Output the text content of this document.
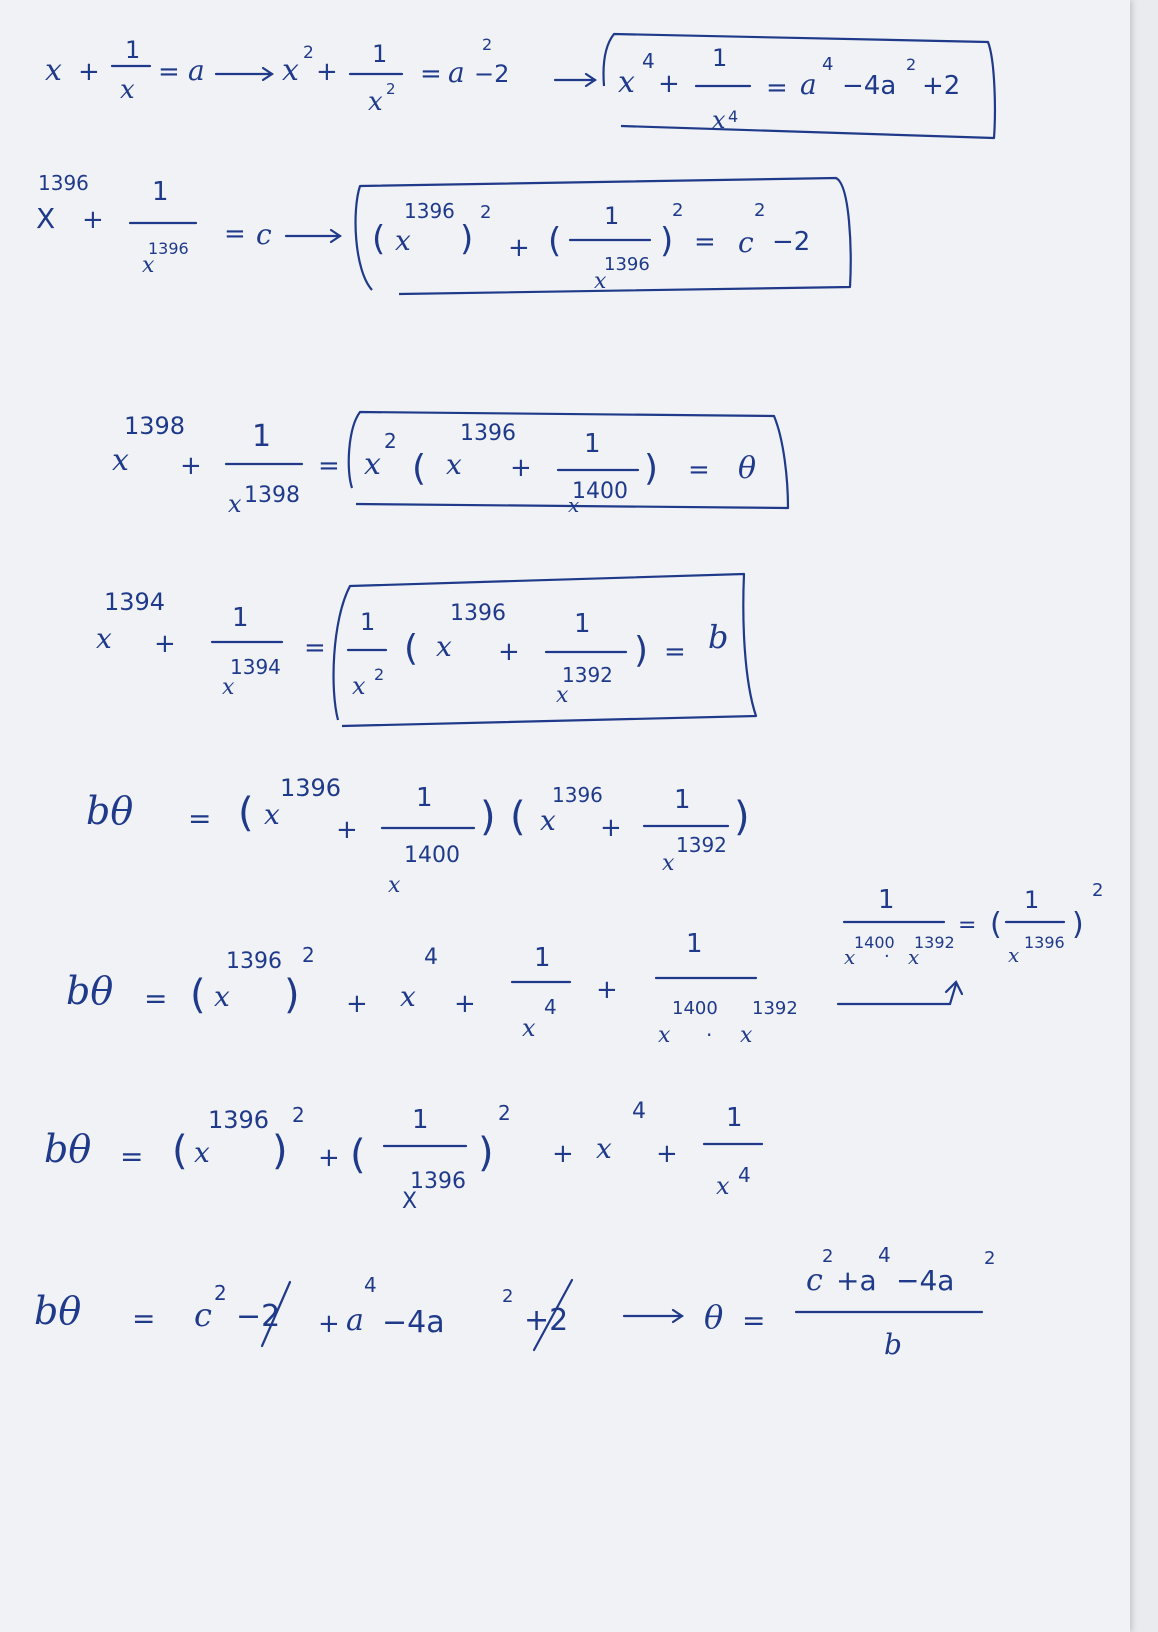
x +
1
x
= a	x 2
+
1
x 2 = a
2
−2	x
4
+
1
x 4
= a
4
−4a
2
+2
1396
X +
1
x
1396 = c	( x
1396
)
2
+ (
1
x
1396
)
2
= c
2
−2
1398
x +
1
x 1398
= x
2
( x
1396
+
1
x
1400
) = θ
1394
x +
1
x
1394
=
1
x 2
( x
1396
+
1
x
1392
) = b
bθ = ( x
1396
+
1
x
1400
) ( x
1396
+
1
x
1392
)
bθ = ( x
1396
)
2
+ x
4
+
1
x
4
+
1
x
1400
· x
1392
1
x
1400
· x
1392
= (
1
x
1396
)
2
bθ = ( x
1396
)
2
+ (
1
X
1396
)
2
+ x
4
+
1
x 4
bθ = c
2
−2 + a
4
−4a
2
+2	θ =
c
2
+a
4
−4a
2
b
